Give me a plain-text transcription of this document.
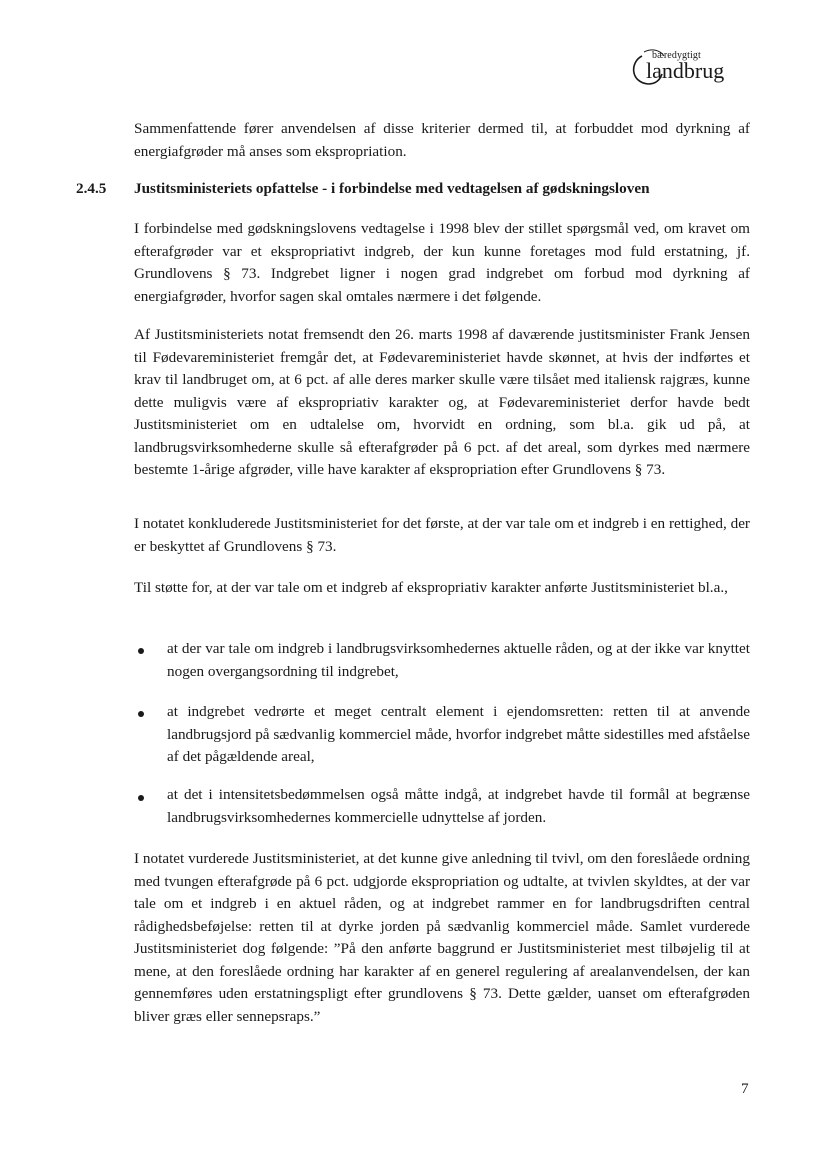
bæredygtigt
landbrug

Sammenfattende fører anvendelsen af disse kriterier dermed til, at forbuddet mod dyrkning af energiafgrøder må anses som ekspropriation.

2.4.5 Justitsministeriets opfattelse - i forbindelse med vedtagelsen af gødskningsloven

I forbindelse med gødskningslovens vedtagelse i 1998 blev der stillet spørgsmål ved, om kravet om efterafgrøder var et ekspropriativt indgreb, der kun kunne foretages mod fuld erstatning, jf. Grundlovens § 73. Indgrebet ligner i nogen grad indgrebet om forbud mod dyrkning af energiafgrøder, hvorfor sagen skal omtales nærmere i det følgende.

Af Justitsministeriets notat fremsendt den 26. marts 1998 af daværende justitsminister Frank Jensen til Fødevareministeriet fremgår det, at Fødevareministeriet havde skønnet, at hvis der indførtes et krav til landbruget om, at 6 pct. af alle deres marker skulle være tilsået med italiensk rajgræs, kunne dette muligvis være af ekspropriativ karakter og, at Fødevareministeriet derfor havde bedt Justitsministeriet om en udtalelse om, hvorvidt en ordning, som bl.a. gik ud på, at landbrugsvirksomhederne skulle så efterafgrøder på 6 pct. af det areal, som dyrkes med nærmere bestemte 1-årige afgrøder, ville have karakter af ekspropriation efter Grundlovens § 73.

I notatet konkluderede Justitsministeriet for det første, at der var tale om et indgreb i en rettighed, der er beskyttet af Grundlovens § 73.

Til støtte for, at der var tale om et indgreb af ekspropriativ karakter anførte Justitsministeriet bl.a.,

at der var tale om indgreb i landbrugsvirksomhedernes aktuelle råden, og at der ikke var knyttet nogen overgangsordning til indgrebet,

at indgrebet vedrørte et meget centralt element i ejendomsretten: retten til at anvende landbrugsjord på sædvanlig kommerciel måde, hvorfor indgrebet måtte sidestilles med afståelse af det pågældende areal,

at det i intensitetsbedømmelsen også måtte indgå, at indgrebet havde til formål at begrænse landbrugsvirksomhedernes kommercielle udnyttelse af jorden.

I notatet vurderede Justitsministeriet, at det kunne give anledning til tvivl, om den foreslåede ordning med tvungen efterafgrøde på 6 pct. udgjorde ekspropriation og udtalte, at tvivlen skyldtes, at der var tale om et indgreb i en aktuel råden, og at indgrebet rammer en for landbrugsdriften central rådighedsbeføjelse: retten til at dyrke jorden på sædvanlig kommerciel måde. Samlet vurderede Justitsministeriet dog følgende: ”På den anførte baggrund er Justitsministeriet mest tilbøjelig til at mene, at den foreslåede ordning har karakter af en generel regulering af arealanvendelsen, der kan gennemføres uden erstatningspligt efter grundlovens § 73. Dette gælder, uanset om efterafgrøden bliver græs eller sennepsraps.”

7
